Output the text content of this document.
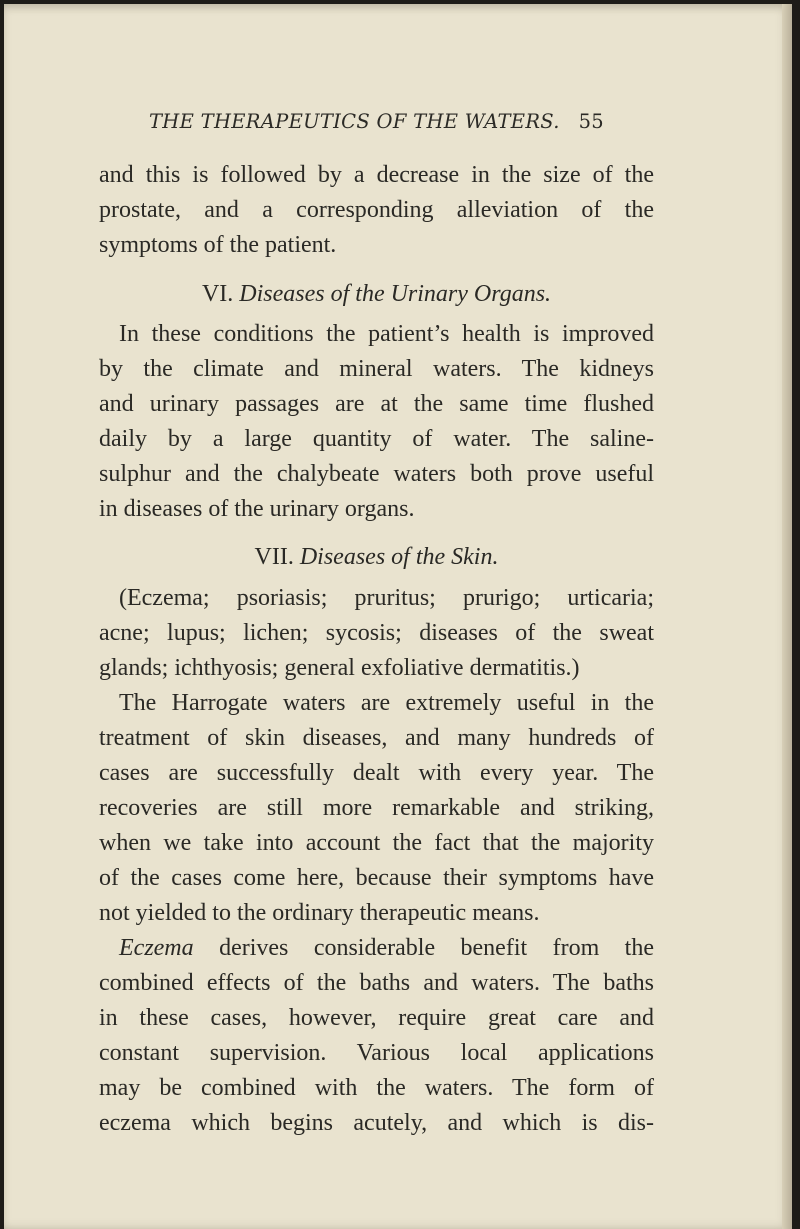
THE THERAPEUTICS OF THE WATERS. 55
and this is followed by a decrease in the size of the
prostate, and a corresponding alleviation of the
symptoms of the patient.
VI. Diseases of the Urinary Organs.
In these conditions the patient’s health is improved
by the climate and mineral waters. The kidneys
and urinary passages are at the same time flushed
daily by a large quantity of water. The saline-
sulphur and the chalybeate waters both prove useful
in diseases of the urinary organs.
VII. Diseases of the Skin.
(Eczema; psoriasis; pruritus; prurigo; urticaria;
acne; lupus; lichen; sycosis; diseases of the sweat
glands; ichthyosis; general exfoliative dermatitis.)
The Harrogate waters are extremely useful in the
treatment of skin diseases, and many hundreds of
cases are successfully dealt with every year. The
recoveries are still more remarkable and striking,
when we take into account the fact that the majority
of the cases come here, because their symptoms have
not yielded to the ordinary therapeutic means.
Eczema derives considerable benefit from the
combined effects of the baths and waters. The baths
in these cases, however, require great care and
constant supervision. Various local applications
may be combined with the waters. The form of
eczema which begins acutely, and which is dis-
